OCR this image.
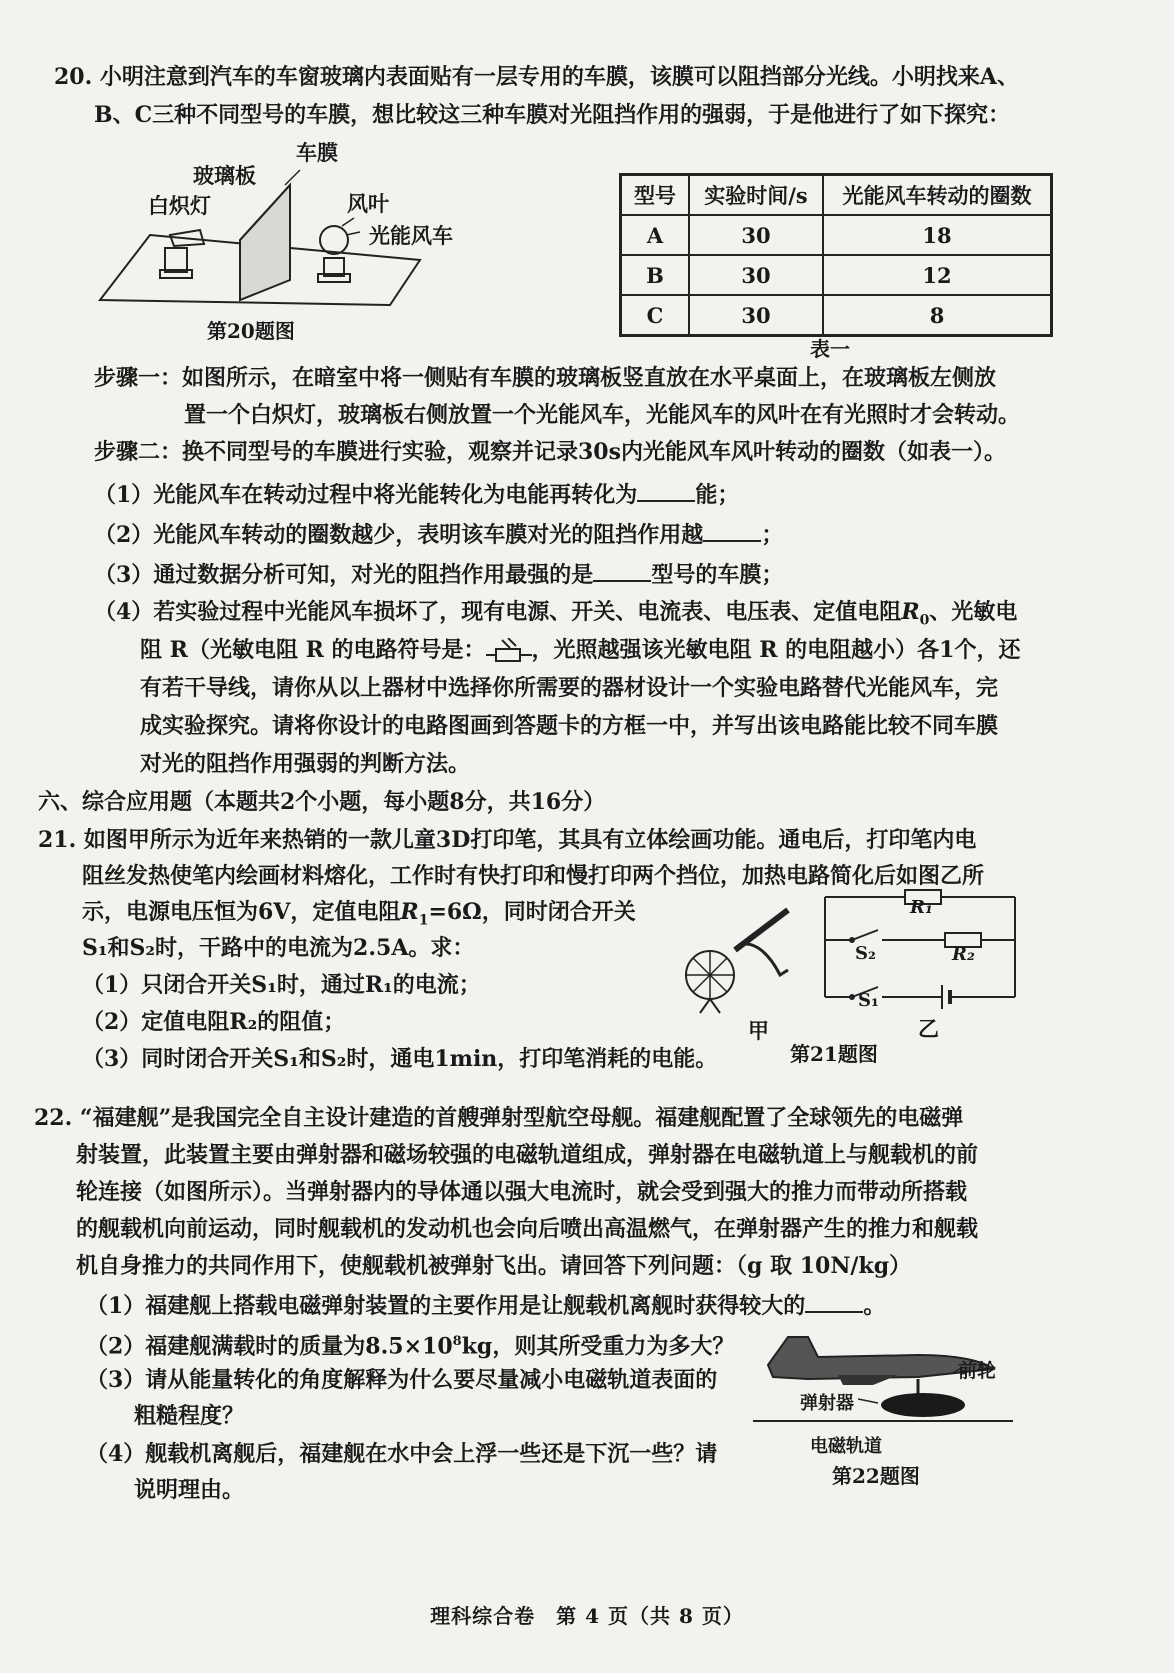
20. 小明注意到汽车的车窗玻璃内表面贴有一层专用的车膜，该膜可以阻挡部分光线。小明找来A、
B、C三种不同型号的车膜，想比较这三种车膜对光阻挡作用的强弱，于是他进行了如下探究：
车膜
玻璃板
白炽灯	风叶
光能风车
第20题图
型号	实验时间/s	光能风车转动的圈数
A	30	18
B	30	12
C	30	8
表一
步骤一：如图所示，在暗室中将一侧贴有车膜的玻璃板竖直放在水平桌面上，在玻璃板左侧放
置一个白炽灯，玻璃板右侧放置一个光能风车，光能风车的风叶在有光照时才会转动。
步骤二：换不同型号的车膜进行实验，观察并记录30s内光能风车风叶转动的圈数（如表一）。
（1）光能风车在转动过程中将光能转化为电能再转化为	能；
（2）光能风车转动的圈数越少，表明该车膜对光的阻挡作用越	；
（3）通过数据分析可知，对光的阻挡作用最强的是	型号的车膜；
（4）若实验过程中光能风车损坏了，现有电源、开关、电流表、电压表、定值电阻$R_0$、光敏电
阻 R（光敏电阻 R 的电路符号是： ，光照越强该光敏电阻 R 的电阻越小）各1个，还
有若干导线，请你从以上器材中选择你所需要的器材设计一个实验电路替代光能风车，完
成实验探究。请将你设计的电路图画到答题卡的方框一中，并写出该电路能比较不同车膜
对光的阻挡作用强弱的判断方法。
六、综合应用题（本题共2个小题，每小题8分，共16分）
21. 如图甲所示为近年来热销的一款儿童3D打印笔，其具有立体绘画功能。通电后，打印笔内电
阻丝发热使笔内绘画材料熔化，工作时有快打印和慢打印两个挡位，加热电路简化后如图乙所
示，电源电压恒为6V，定值电阻$R_1=6\Omega$，同时闭合开关
S₁和S₂时，干路中的电流为2.5A。求：
（1）只闭合开关S₁时，通过R₁的电流；
（2）定值电阻R₂的阻值；
（3）同时闭合开关S₁和S₂时，通电1min，打印笔消耗的电能。
R₁
S₂	R₂
S₁
甲	乙
第21题图
22. “福建舰”是我国完全自主设计建造的首艘弹射型航空母舰。福建舰配置了全球领先的电磁弹
射装置，此装置主要由弹射器和磁场较强的电磁轨道组成，弹射器在电磁轨道上与舰载机的前
轮连接（如图所示）。当弹射器内的导体通以强大电流时，就会受到强大的推力而带动所搭载
的舰载机向前运动，同时舰载机的发动机也会向后喷出高温燃气，在弹射器产生的推力和舰载
机自身推力的共同作用下，使舰载机被弹射飞出。请回答下列问题：（g 取 10N/kg）
（1）福建舰上搭载电磁弹射装置的主要作用是让舰载机离舰时获得较大的	。
（2）福建舰满载时的质量为$8.5\times 10^8kg$，则其所受重力为多大？
（3）请从能量转化的角度解释为什么要尽量减小电磁轨道表面的
粗糙程度？
（4）舰载机离舰后，福建舰在水中会上浮一些还是下沉一些？请
说明理由。
前轮
弹射器
电磁轨道
第22题图
理科综合卷　第 4 页（共 8 页）
